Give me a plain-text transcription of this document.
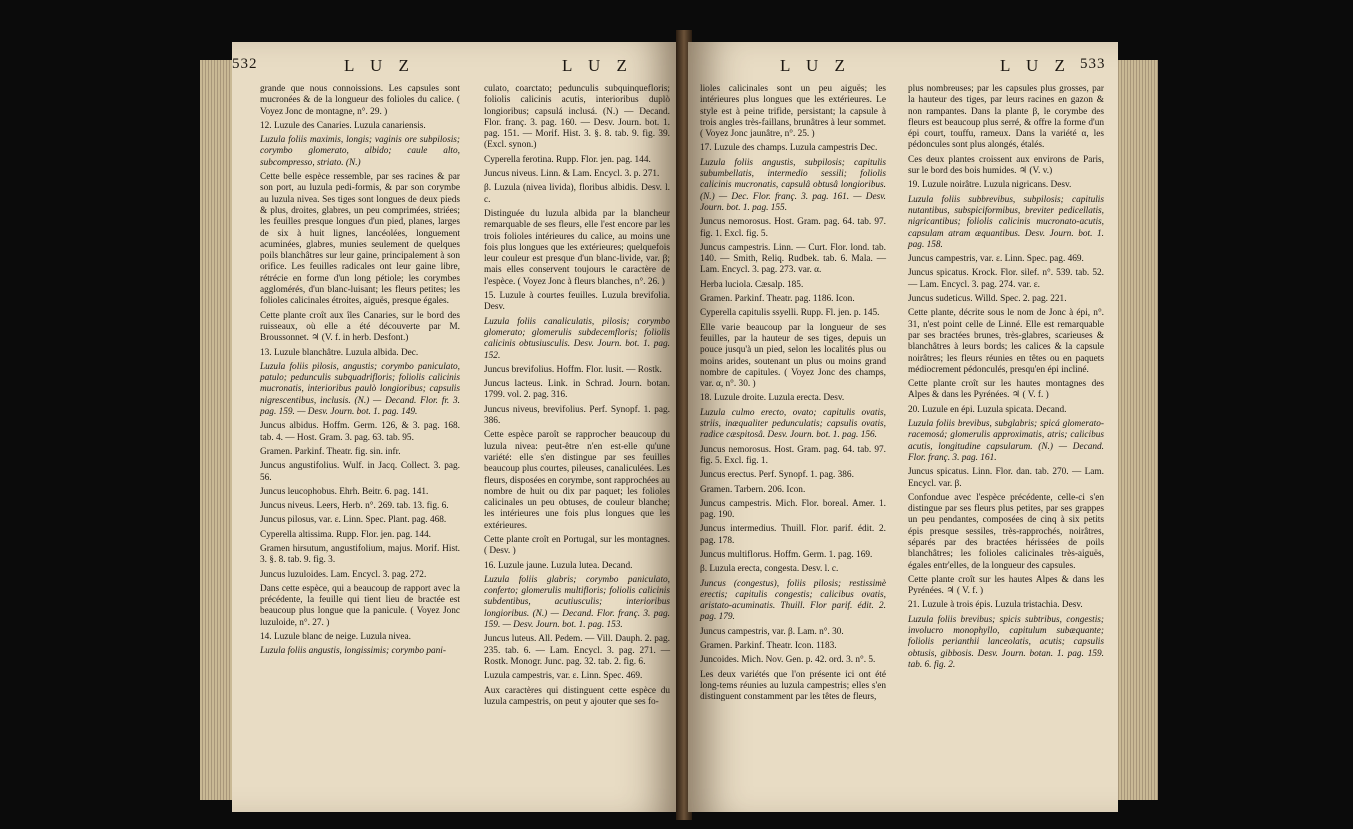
532	L U Z	L U Z

grande que nous connoissions. Les capsules sont mucronées & de la longueur des folioles du calice. ( Voyez Jonc de montagne, n°. 29. )

12. Luzule des Canaries. Luzula canariensis.

Luzula foliis maximis, longis; vaginis ore subpilosis; corymbo glomerato, albido; caule alto, subcompresso, striato. (N.)

Cette belle espèce ressemble, par ses racines & par son port, au luzula pedi-formis, & par son corymbe au luzula nivea. Ses tiges sont longues de deux pieds & plus, droites, glabres, un peu comprimées, striées; les feuilles presque longues d'un pied, planes, larges de six à huit lignes, lancéolées, longuement acuminées, glabres, munies seulement de quelques poils blanchâtres sur leur gaine, principalement à son orifice. Les feuilles radicales ont leur gaine libre, rétrécie en forme d'un long pétiole; les corymbes agglomérés, d'un blanc-luisant; les fleurs petites; les folioles calicinales étroites, aiguës, presque égales.

Cette plante croît aux îles Canaries, sur le bord des ruisseaux, où elle a été découverte par M. Broussonnet. ♃ (V. f. in herb. Desfont.)

13. Luzule blanchâtre. Luzula albida. Dec.

Luzula foliis pilosis, angustis; corymbo paniculato, patulo; pedunculis subquadrifloris; foliolis calicinis mucronatis, interioribus paulò longioribus; capsulis nigrescentibus, inclusis. (N.) — Decand. Flor. fr. 3. pag. 159. — Desv. Journ. bot. 1. pag. 149.

Juncus albidus. Hoffm. Germ. 126, & 3. pag. 168. tab. 4. — Host. Gram. 3. pag. 63. tab. 95.

Gramen. Parkinf. Theatr. fig. sin. infr.

Juncus angustifolius. Wulf. in Jacq. Collect. 3. pag. 56.

Juncus leucophobus. Ehrh. Beitr. 6. pag. 141.

Juncus niveus. Leers, Herb. n°. 269. tab. 13. fig. 6.

Juncus pilosus, var. ε. Linn. Spec. Plant. pag. 468.

Cyperella altissima. Rupp. Flor. jen. pag. 144.

Gramen hirsutum, angustifolium, majus. Morif. Hist. 3. §. 8. tab. 9. fig. 3.

Juncus luzuloides. Lam. Encycl. 3. pag. 272.

Dans cette espèce, qui a beaucoup de rapport avec la précédente, la feuille qui tient lieu de bractée est beaucoup plus longue que la panicule. ( Voyez Jonc luzuloide, n°. 27. )

14. Luzule blanc de neige. Luzula nivea.

Luzula foliis angustis, longissimis; corymbo pani-

culato, coarctato; pedunculis subquinquefloris; foliolis calicinis acutis, interioribus duplò longioribus; capsulá inclusá. (N.) — Decand. Flor. franç. 3. pag. 160. — Desv. Journ. bot. 1. pag. 151. — Morif. Hist. 3. §. 8. tab. 9. fig. 39. (Excl. synon.)

Cyperella ferotina. Rupp. Flor. jen. pag. 144.

Juncus niveus. Linn. & Lam. Encycl. 3. p. 271.

β. Luzula (nivea livida), floribus albidis. Desv. l. c.

Distinguée du luzula albida par la blancheur remarquable de ses fleurs, elle l'est encore par les trois folioles intérieures du calice, au moins une fois plus longues que les extérieures; quelquefois leur couleur est presque d'un blanc-livide, var. β; mais elles conservent toujours le caractère de l'espèce. ( Voyez Jonc à fleurs blanches, n°. 26. )

15. Luzule à courtes feuilles. Luzula brevifolia. Desv.

Luzula foliis canaliculatis, pilosis; corymbo glomerato; glomerulis subdecemfloris; foliolis calicinis obtusiusculis. Desv. Journ. bot. 1. pag. 152.

Juncus brevifolius. Hoffm. Flor. lusit. — Rostk.

Juncus lacteus. Link. in Schrad. Journ. botan. 1799. vol. 2. pag. 316.

Juncus niveus, brevifolius. Perf. Synopf. 1. pag. 386.

Cette espèce paroît se rapprocher beaucoup du luzula nivea: peut-être n'en est-elle qu'une variété: elle s'en distingue par ses feuilles beaucoup plus courtes, pileuses, canaliculées. Les fleurs, disposées en corymbe, sont rapprochées au nombre de huit ou dix par paquet; les folioles calicinales un peu obtuses, de couleur blanche; les intérieures une fois plus longues que les extérieures.

Cette plante croît en Portugal, sur les montagnes. ( Desv. )

16. Luzule jaune. Luzula lutea. Decand.

Luzula foliis glabris; corymbo paniculato, confertо; glomerulis multifloris; foliolis calicinis subdentibus, acutiusculis; interioribus longioribus. (N.) — Decand. Flor. franç. 3. pag. 159. — Desv. Journ. bot. 1. pag. 153.

Juncus luteus. All. Pedem. — Vill. Dauph. 2. pag. 235. tab. 6. — Lam. Encycl. 3. pag. 271. — Rostk. Monogr. Junc. pag. 32. tab. 2. fig. 6.

Luzula campestris, var. ε. Linn. Spec. 469.

Aux caractères qui distinguent cette espèce du luzula campestris, on peut y ajouter que ses fo-

L U Z	L U Z 533

lioles calicinales sont un peu aiguës; les intérieures plus longues que les extérieures. Le style est à peine trifide, persistant; la capsule à trois angles très-faillans, brunâtres à leur sommet. ( Voyez Jonc jaunâtre, n°. 25. )

17. Luzule des champs. Luzula campestris Dec.

Luzula foliis angustis, subpilosis; capitulis subumbellatis, intermedio sessili; foliolis calicinis mucronatis, capsulâ obtusâ longioribus. (N.) — Dec. Flor. franç. 3. pag. 161. — Desv. Journ. bot. 1. pag. 155.

Juncus nemorosus. Host. Gram. pag. 64. tab. 97. fig. 1. Excl. fig. 5.

Juncus campestris. Linn. — Curt. Flor. lond. tab. 140. — Smith, Reliq. Rudbek. tab. 6. Mala. — Lam. Encycl. 3. pag. 273. var. α.

Herba luciola. Cæsalp. 185.

Gramen. Parkinf. Theatr. pag. 1186. Icon.

Cyperella capitulis ssyelli. Rupp. Fl. jen. p. 145.

Elle varie beaucoup par la longueur de ses feuilles, par la hauteur de ses tiges, depuis un pouce jusqu'à un pied, selon les localités plus ou moins arides, soutenant un plus ou moins grand nombre de capitules. ( Voyez Jonc des champs, var. α, n°. 30. )

18. Luzule droite. Luzula erecta. Desv.

Luzula culmo erecto, ovato; capitulis ovatis, striis, inæqualiter pedunculatis; capsulis ovatis, radice cæspitosâ. Desv. Journ. bot. 1. pag. 156.

Juncus nemorosus. Host. Gram. pag. 64. tab. 97. fig. 5. Excl. fig. 1.

Juncus erectus. Perf. Synopf. 1. pag. 386.

Gramen. Tarbern. 206. Icon.

Juncus campestris. Mich. Flor. boreal. Amer. 1. pag. 190.

Juncus intermedius. Thuill. Flor. parif. édit. 2. pag. 178.

Juncus multiflorus. Hoffm. Germ. 1. pag. 169.

β. Luzula erecta, congesta. Desv. l. c.

Juncus (congestus), foliis pilosis; restissimè erectis; capitulis congestis; calicibus ovatis, aristato-acuminatis. Thuill. Flor parif. édit. 2. pag. 179.

Juncus campestris, var. β. Lam. n°. 30.

Gramen. Parkinf. Theatr. Icon. 1183.

Juncoides. Mich. Nov. Gen. p. 42. ord. 3. n°. 5.

Les deux variétés que l'on présente ici ont été long-tems réunies au luzula campestris; elles s'en distinguent constamment par les têtes de fleurs,

plus nombreuses; par les capsules plus grosses, par la hauteur des tiges, par leurs racines en gazon & non rampantes. Dans la plante β, le corymbe des fleurs est beaucoup plus serré, & offre la forme d'un épi court, touffu, rameux. Dans la variété α, les pédoncules sont plus alongés, étalés.

Ces deux plantes croissent aux environs de Paris, sur le bord des bois humides. ♃ (V. v.)

19. Luzule noirâtre. Luzula nigricans. Desv.

Luzula foliis subbrevibus, subpilosis; capitulis nutantibus, subspiciformibus, breviter pedicellatis, nigricantibus; foliolis calicinis mucronato-acutis, capsulam atram æquantibus. Desv. Journ. bot. 1. pag. 158.

Juncus campestris, var. ε. Linn. Spec. pag. 469.

Juncus spicatus. Krock. Flor. silef. n°. 539. tab. 52. — Lam. Encycl. 3. pag. 274. var. ε.

Juncus sudeticus. Willd. Spec. 2. pag. 221.

Cette plante, décrite sous le nom de Jonc à épi, n°. 31, n'est point celle de Linné. Elle est remarquable par ses bractées brunes, très-glabres, scarieuses & blanchâtres à leurs bords; les calices & la capsule noirâtres; les fleurs réunies en têtes ou en paquets médiocrement pédonculés, presqu'en épi incliné.

Cette plante croît sur les hautes montagnes des Alpes & dans les Pyrénées. ♃ ( V. f. )

20. Luzule en épi. Luzula spicata. Decand.

Luzula foliis brevibus, subglabris; spicá glomerato-racemosá; glomerulis approximatis, atris; calicibus acutis, longitudine capsularum. (N.) — Decand. Flor. franç. 3. pag. 161.

Juncus spicatus. Linn. Flor. dan. tab. 270. — Lam. Encycl. var. β.

Confondue avec l'espèce précédente, celle-ci s'en distingue par ses fleurs plus petites, par ses grappes un peu pendantes, composées de cinq à six petits épis presque sessiles, très-rapprochés, noirâtres, séparés par des bractées hérissées de poils blanchâtres; les folioles calicinales très-aiguës, égales entr'elles, de la longueur des capsules.

Cette plante croît sur les hautes Alpes & dans les Pyrénées. ♃ ( V. f. )

21. Luzule à trois épis. Luzula tristachia. Desv.

Luzula foliis brevibus; spicis subtribus, congestis; involucro monophyllo, capitulum subæquante; foliolis perianthii lanceolatis, acutis; capsulis obtusis, gibbosis. Desv. Journ. botan. 1. pag. 159. tab. 6. fig. 2.
